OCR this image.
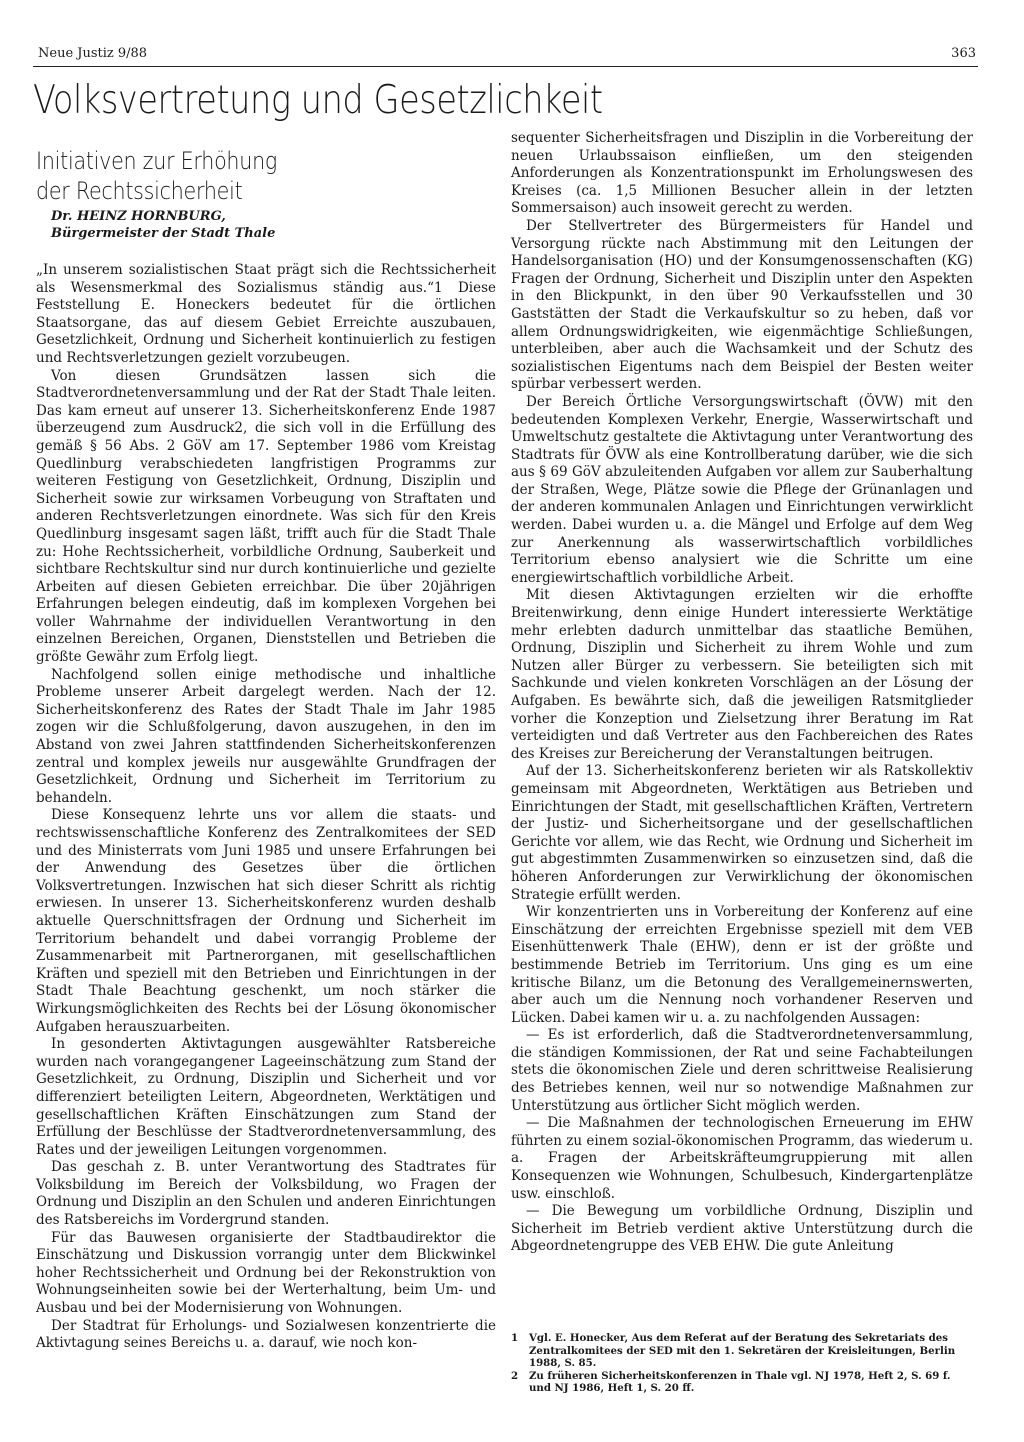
Neue Justiz 9/88	363
Volksvertretung und Gesetzlichkeit
Initiativen zur Erhöhung
der Rechtssicherheit
Dr. HEINZ HORNBURG,
Bürgermeister der Stadt Thale

„In unserem sozialistischen Staat prägt sich die Rechtssicherheit als Wesensmerkmal des Sozialismus ständig aus.“1 Diese Feststellung E. Honeckers bedeutet für die örtlichen Staatsorgane, das auf diesem Gebiet Erreichte auszubauen, Gesetzlichkeit, Ordnung und Sicherheit kontinuierlich zu festigen und Rechtsverletzungen gezielt vorzubeugen.

Von diesen Grundsätzen lassen sich die Stadtverordnetenversammlung und der Rat der Stadt Thale leiten. Das kam erneut auf unserer 13. Sicherheitskonferenz Ende 1987 überzeugend zum Ausdruck2, die sich voll in die Erfüllung des gemäß § 56 Abs. 2 GöV am 17. September 1986 vom Kreistag Quedlinburg verabschiedeten langfristigen Programms zur weiteren Festigung von Gesetzlichkeit, Ordnung, Disziplin und Sicherheit sowie zur wirksamen Vorbeugung von Straftaten und anderen Rechtsverletzungen einordnete. Was sich für den Kreis Quedlinburg insgesamt sagen läßt, trifft auch für die Stadt Thale zu: Hohe Rechtssicherheit, vorbildliche Ordnung, Sauberkeit und sichtbare Rechtskultur sind nur durch kontinuierliche und gezielte Arbeiten auf diesen Gebieten erreichbar. Die über 20jährigen Erfahrungen belegen eindeutig, daß im komplexen Vorgehen bei voller Wahrnahme der individuellen Verantwortung in den einzelnen Bereichen, Organen, Dienststellen und Betrieben die größte Gewähr zum Erfolg liegt.

Nachfolgend sollen einige methodische und inhaltliche Probleme unserer Arbeit dargelegt werden. Nach der 12. Sicherheitskonferenz des Rates der Stadt Thale im Jahr 1985 zogen wir die Schlußfolgerung, davon auszugehen, in den im Abstand von zwei Jahren stattfindenden Sicherheitskonferenzen zentral und komplex jeweils nur ausgewählte Grundfragen der Gesetzlichkeit, Ordnung und Sicherheit im Territorium zu behandeln.

Diese Konsequenz lehrte uns vor allem die staats- und rechtswissenschaftliche Konferenz des Zentralkomitees der SED und des Ministerrats vom Juni 1985 und unsere Erfahrungen bei der Anwendung des Gesetzes über die örtlichen Volksvertretungen. Inzwischen hat sich dieser Schritt als richtig erwiesen. In unserer 13. Sicherheitskonferenz wurden deshalb aktuelle Querschnittsfragen der Ordnung und Sicherheit im Territorium behandelt und dabei vorrangig Probleme der Zusammenarbeit mit Partnerorganen, mit gesellschaftlichen Kräften und speziell mit den Betrieben und Einrichtungen in der Stadt Thale Beachtung geschenkt, um noch stärker die Wirkungsmöglichkeiten des Rechts bei der Lösung ökonomischer Aufgaben herauszuarbeiten.

In gesonderten Aktivtagungen ausgewählter Ratsbereiche wurden nach vorangegangener Lageeinschätzung zum Stand der Gesetzlichkeit, zu Ordnung, Disziplin und Sicherheit und vor differenziert beteiligten Leitern, Abgeordneten, Werktätigen und gesellschaftlichen Kräften Einschätzungen zum Stand der Erfüllung der Beschlüsse der Stadtverordnetenversammlung, des Rates und der jeweiligen Leitungen vorgenommen.

Das geschah z. B. unter Verantwortung des Stadtrates für Volksbildung im Bereich der Volksbildung, wo Fragen der Ordnung und Disziplin an den Schulen und anderen Einrichtungen des Ratsbereichs im Vordergrund standen.

Für das Bauwesen organisierte der Stadtbaudirektor die Einschätzung und Diskussion vorrangig unter dem Blickwinkel hoher Rechtssicherheit und Ordnung bei der Rekonstruktion von Wohnungseinheiten sowie bei der Werterhaltung, beim Um- und Ausbau und bei der Modernisierung von Wohnungen.

Der Stadtrat für Erholungs- und Sozialwesen konzentrierte die Aktivtagung seines Bereichs u. a. darauf, wie noch kon-

sequenter Sicherheitsfragen und Disziplin in die Vorbereitung der neuen Urlaubssaison einfließen, um den steigenden Anforderungen als Konzentrationspunkt im Erholungswesen des Kreises (ca. 1,5 Millionen Besucher allein in der letzten Sommersaison) auch insoweit gerecht zu werden.

Der Stellvertreter des Bürgermeisters für Handel und Versorgung rückte nach Abstimmung mit den Leitungen der Handelsorganisation (HO) und der Konsumgenossenschaften (KG) Fragen der Ordnung, Sicherheit und Disziplin unter den Aspekten in den Blickpunkt, in den über 90 Verkaufsstellen und 30 Gaststätten der Stadt die Verkaufskultur so zu heben, daß vor allem Ordnungswidrigkeiten, wie eigenmächtige Schließungen, unterbleiben, aber auch die Wachsamkeit und der Schutz des sozialistischen Eigentums nach dem Beispiel der Besten weiter spürbar verbessert werden.

Der Bereich Örtliche Versorgungswirtschaft (ÖVW) mit den bedeutenden Komplexen Verkehr, Energie, Wasserwirtschaft und Umweltschutz gestaltete die Aktivtagung unter Verantwortung des Stadtrats für ÖVW als eine Kontrollberatung darüber, wie die sich aus § 69 GöV abzuleitenden Aufgaben vor allem zur Sauberhaltung der Straßen, Wege, Plätze sowie die Pflege der Grünanlagen und der anderen kommunalen Anlagen und Einrichtungen verwirklicht werden. Dabei wurden u. a. die Mängel und Erfolge auf dem Weg zur Anerkennung als wasserwirtschaftlich vorbildliches Territorium ebenso analysiert wie die Schritte um eine energiewirtschaftlich vorbildliche Arbeit.

Mit diesen Aktivtagungen erzielten wir die erhoffte Breitenwirkung, denn einige Hundert interessierte Werktätige mehr erlebten dadurch unmittelbar das staatliche Bemühen, Ordnung, Disziplin und Sicherheit zu ihrem Wohle und zum Nutzen aller Bürger zu verbessern. Sie beteiligten sich mit Sachkunde und vielen konkreten Vorschlägen an der Lösung der Aufgaben. Es bewährte sich, daß die jeweiligen Ratsmitglieder vorher die Konzeption und Zielsetzung ihrer Beratung im Rat verteidigten und daß Vertreter aus den Fachbereichen des Rates des Kreises zur Bereicherung der Veranstaltungen beitrugen.

Auf der 13. Sicherheitskonferenz berieten wir als Ratskollektiv gemeinsam mit Abgeordneten, Werktätigen aus Betrieben und Einrichtungen der Stadt, mit gesellschaftlichen Kräften, Vertretern der Justiz- und Sicherheitsorgane und der gesellschaftlichen Gerichte vor allem, wie das Recht, wie Ordnung und Sicherheit im gut abgestimmten Zusammenwirken so einzusetzen sind, daß die höheren Anforderungen zur Verwirklichung der ökonomischen Strategie erfüllt werden.

Wir konzentrierten uns in Vorbereitung der Konferenz auf eine Einschätzung der erreichten Ergebnisse speziell mit dem VEB Eisenhüttenwerk Thale (EHW), denn er ist der größte und bestimmende Betrieb im Territorium. Uns ging es um eine kritische Bilanz, um die Betonung des Verallgemeinernswerten, aber auch um die Nennung noch vorhandener Reserven und Lücken. Dabei kamen wir u. a. zu nachfolgenden Aussagen:

— Es ist erforderlich, daß die Stadtverordnetenversammlung, die ständigen Kommissionen, der Rat und seine Fachabteilungen stets die ökonomischen Ziele und deren schrittweise Realisierung des Betriebes kennen, weil nur so notwendige Maßnahmen zur Unterstützung aus örtlicher Sicht möglich werden.

— Die Maßnahmen der technologischen Erneuerung im EHW führten zu einem sozial-ökonomischen Programm, das wiederum u. a. Fragen der Arbeitskräfteumgruppierung mit allen Konsequenzen wie Wohnungen, Schulbesuch, Kindergartenplätze usw. einschloß.

— Die Bewegung um vorbildliche Ordnung, Disziplin und Sicherheit im Betrieb verdient aktive Unterstützung durch die Abgeordnetengruppe des VEB EHW. Die gute Anleitung

1	Vgl. E. Honecker, Aus dem Referat auf der Beratung des Sekretariats des Zentralkomitees der SED mit den 1. Sekretären der Kreisleitungen, Berlin 1988, S. 85.
2	Zu früheren Sicherheitskonferenzen in Thale vgl. NJ 1978, Heft 2, S. 69 f. und NJ 1986, Heft 1, S. 20 ff.
